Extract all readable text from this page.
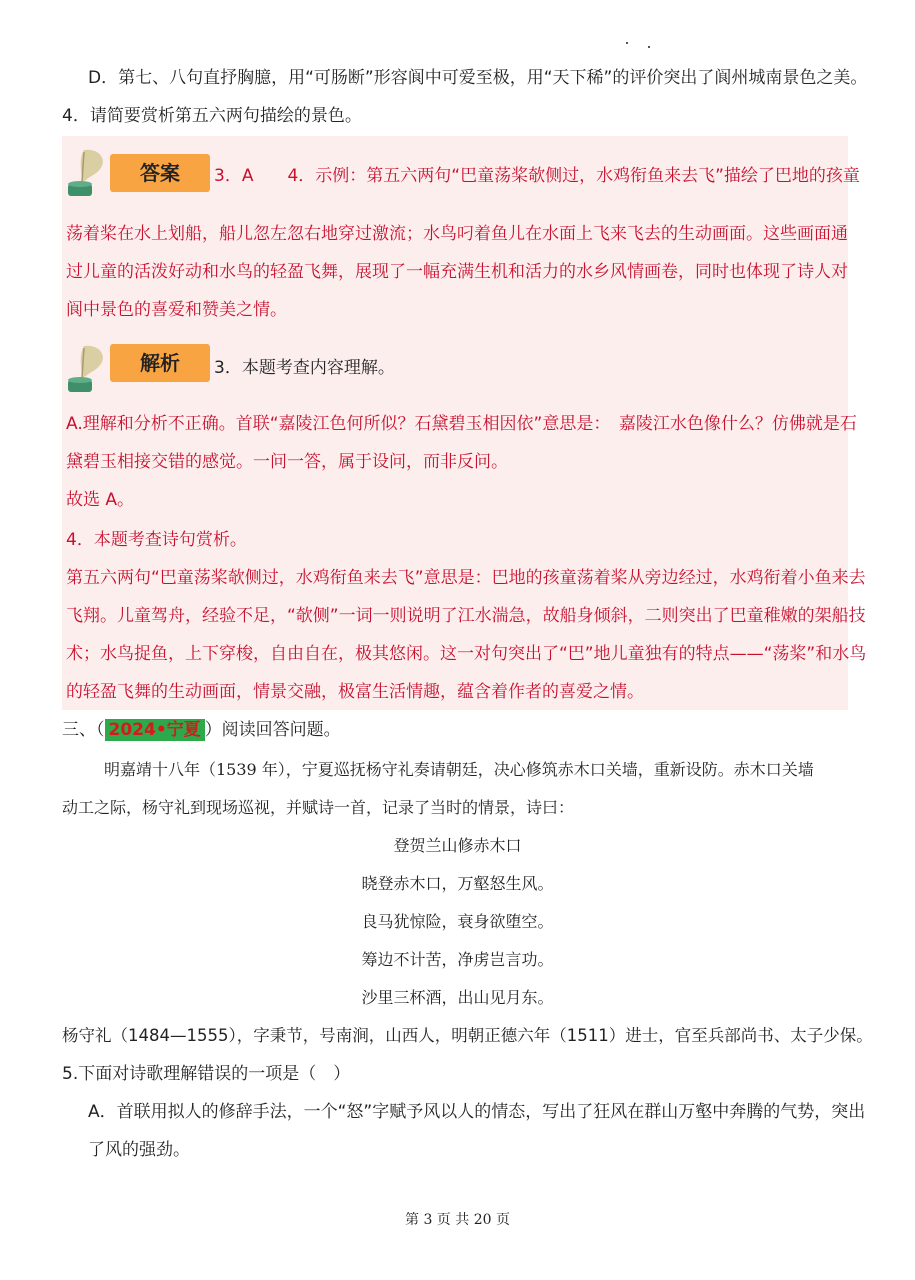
D．第七、八句直抒胸臆，用“可肠断”形容阆中可爱至极，用“天下稀”的评价突出了阆州城南景色之美。
4．请简要赏析第五六两句描绘的景色。
答案	3．A　　4．示例：第五六两句“巴童荡桨欹侧过，水鸡衔鱼来去飞”描绘了巴地的孩童
荡着桨在水上划船，船儿忽左忽右地穿过激流；水鸟叼着鱼儿在水面上飞来飞去的生动画面。这些画面通
过儿童的活泼好动和水鸟的轻盈飞舞，展现了一幅充满生机和活力的水乡风情画卷，同时也体现了诗人对
阆中景色的喜爱和赞美之情。
解析	3．本题考查内容理解。
A.理解和分析不正确。首联“嘉陵江色何所似？石黛碧玉相因依”意思是：　嘉陵江水色像什么？仿佛就是石
黛碧玉相接交错的感觉。一问一答，属于设问，而非反问。
故选 A。
4．本题考查诗句赏析。
第五六两句“巴童荡桨欹侧过，水鸡衔鱼来去飞”意思是：巴地的孩童荡着桨从旁边经过，水鸡衔着小鱼来去
飞翔。儿童驾舟，经验不足，“欹侧”一词一则说明了江水湍急，故船身倾斜，二则突出了巴童稚嫩的架船技
术；水鸟捉鱼，上下穿梭，自由自在，极其悠闲。这一对句突出了“巴”地儿童独有的特点——“荡桨”和水鸟
的轻盈飞舞的生动画面，情景交融，极富生活情趣，蕴含着作者的喜爱之情。
三、（ 2024•宁夏 ）阅读回答问题。
明嘉靖十八年（1539 年），宁夏巡抚杨守礼奏请朝廷，决心修筑赤木口关墙，重新设防。赤木口关墙
动工之际，杨守礼到现场巡视，并赋诗一首，记录了当时的情景，诗曰：
登贺兰山修赤木口
晓登赤木口，万壑怒生风。
良马犹惊险，衰身欲堕空。
筹边不计苦，净虏岂言功。
沙里三杯酒，出山见月东。
杨守礼（1484—1555），字秉节，号南涧，山西人，明朝正德六年（1511）进士，官至兵部尚书、太子少保。
5.下面对诗歌理解错误的一项是（　）
A．首联用拟人的修辞手法，一个“怒”字赋予风以人的情态，写出了狂风在群山万壑中奔腾的气势，突出
了风的强劲。
第 3 页 共 20 页
